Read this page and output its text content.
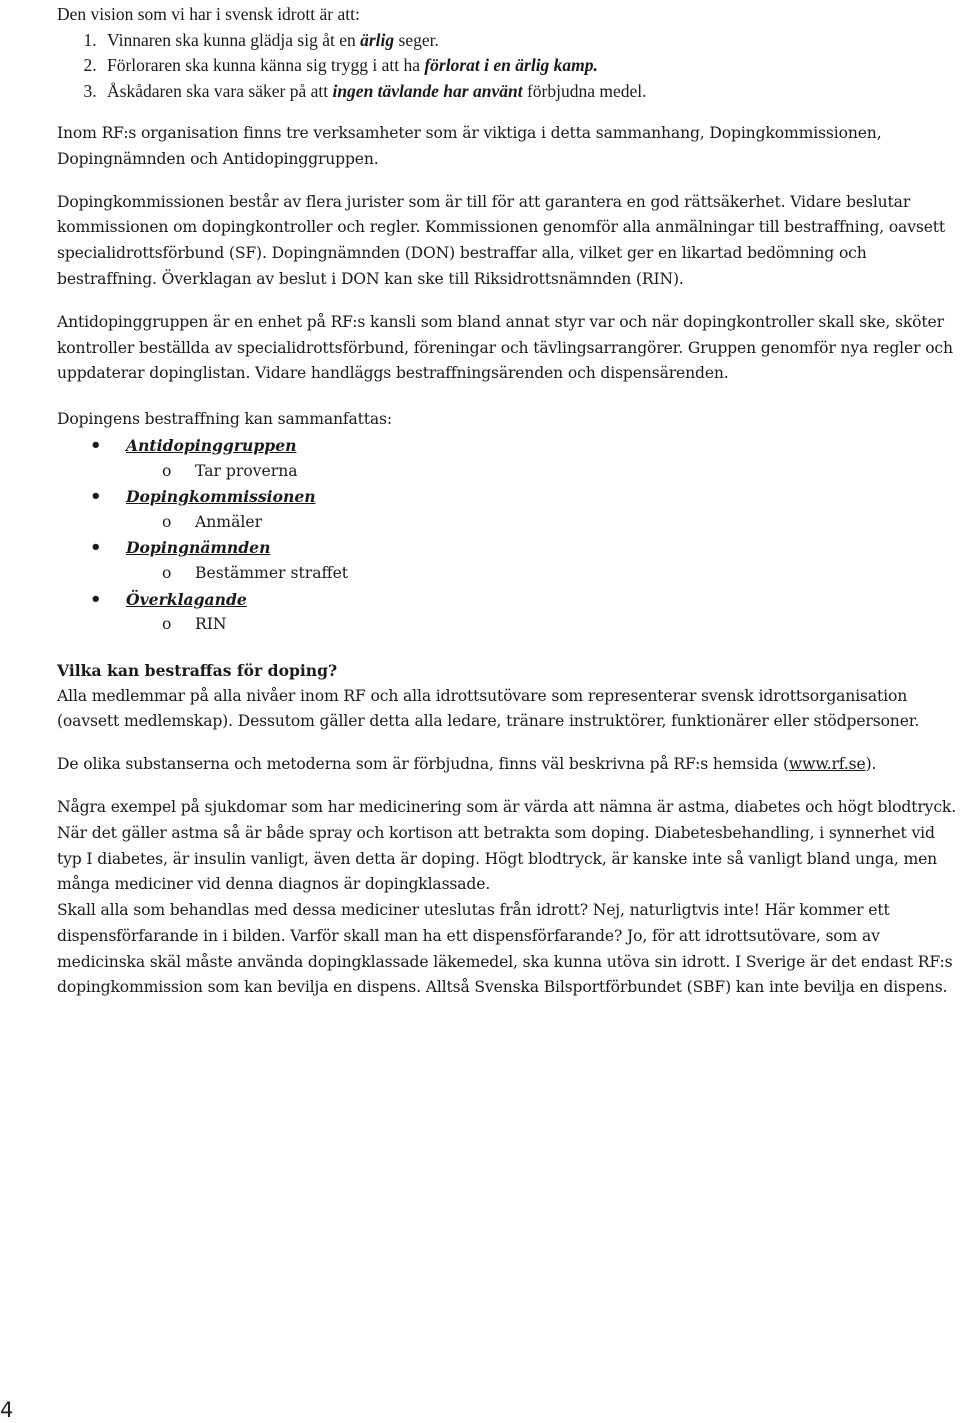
Den vision som vi har i svensk idrott är att:
1. Vinnaren ska kunna glädja sig åt en ärlig seger.
2. Förloraren ska kunna känna sig trygg i att ha förlorat i en ärlig kamp.
3. Åskådaren ska vara säker på att ingen tävlande har använt förbjudna medel.

Inom RF:s organisation finns tre verksamheter som är viktiga i detta sammanhang, Dopingkommissionen, Dopingnämnden och Antidopinggruppen.

Dopingkommissionen består av flera jurister som är till för att garantera en god rättsäkerhet. Vidare beslutar kommissionen om dopingkontroller och regler. Kommissionen genomför alla anmälningar till bestraffning, oavsett specialidrottsförbund (SF). Dopingnämnden (DON) bestraffar alla, vilket ger en likartad bedömning och bestraffning. Överklagan av beslut i DON kan ske till Riksidrottsnämnden (RIN).

Antidopinggruppen är en enhet på RF:s kansli som bland annat styr var och när dopingkontroller skall ske, sköter kontroller beställda av specialidrottsförbund, föreningar och tävlingsarrangörer. Gruppen genomför nya regler och uppdaterar dopinglistan. Vidare handläggs bestraffningsärenden och dispensärenden.

Dopingens bestraffning kan sammanfattas:

• Antidopinggruppen
o Tar proverna
• Dopingkommissionen
o Anmäler
• Dopingnämnden
o Bestämmer straffet
• Överklagande
o RIN

Vilka kan bestraffas för doping?

Alla medlemmar på alla nivåer inom RF och alla idrottsutövare som representerar svensk idrottsorganisation (oavsett medlemskap). Dessutom gäller detta alla ledare, tränare instruktörer, funktionärer eller stödpersoner.

De olika substanserna och metoderna som är förbjudna, finns väl beskrivna på RF:s hemsida (www.rf.se).

Några exempel på sjukdomar som har medicinering som är värda att nämna är astma, diabetes och högt blodtryck. När det gäller astma så är både spray och kortison att betrakta som doping. Diabetesbehandling, i synnerhet vid typ I diabetes, är insulin vanligt, även detta är doping. Högt blodtryck, är kanske inte så vanligt bland unga, men många mediciner vid denna diagnos är dopingklassade.

Skall alla som behandlas med dessa mediciner uteslutas från idrott? Nej, naturligtvis inte! Här kommer ett dispensförfarande in i bilden. Varför skall man ha ett dispensförfarande? Jo, för att idrottsutövare, som av medicinska skäl måste använda dopingklassade läkemedel, ska kunna utöva sin idrott. I Sverige är det endast RF:s dopingkommission som kan bevilja en dispens. Alltså Svenska Bilsportförbundet (SBF) kan inte bevilja en dispens.

4
